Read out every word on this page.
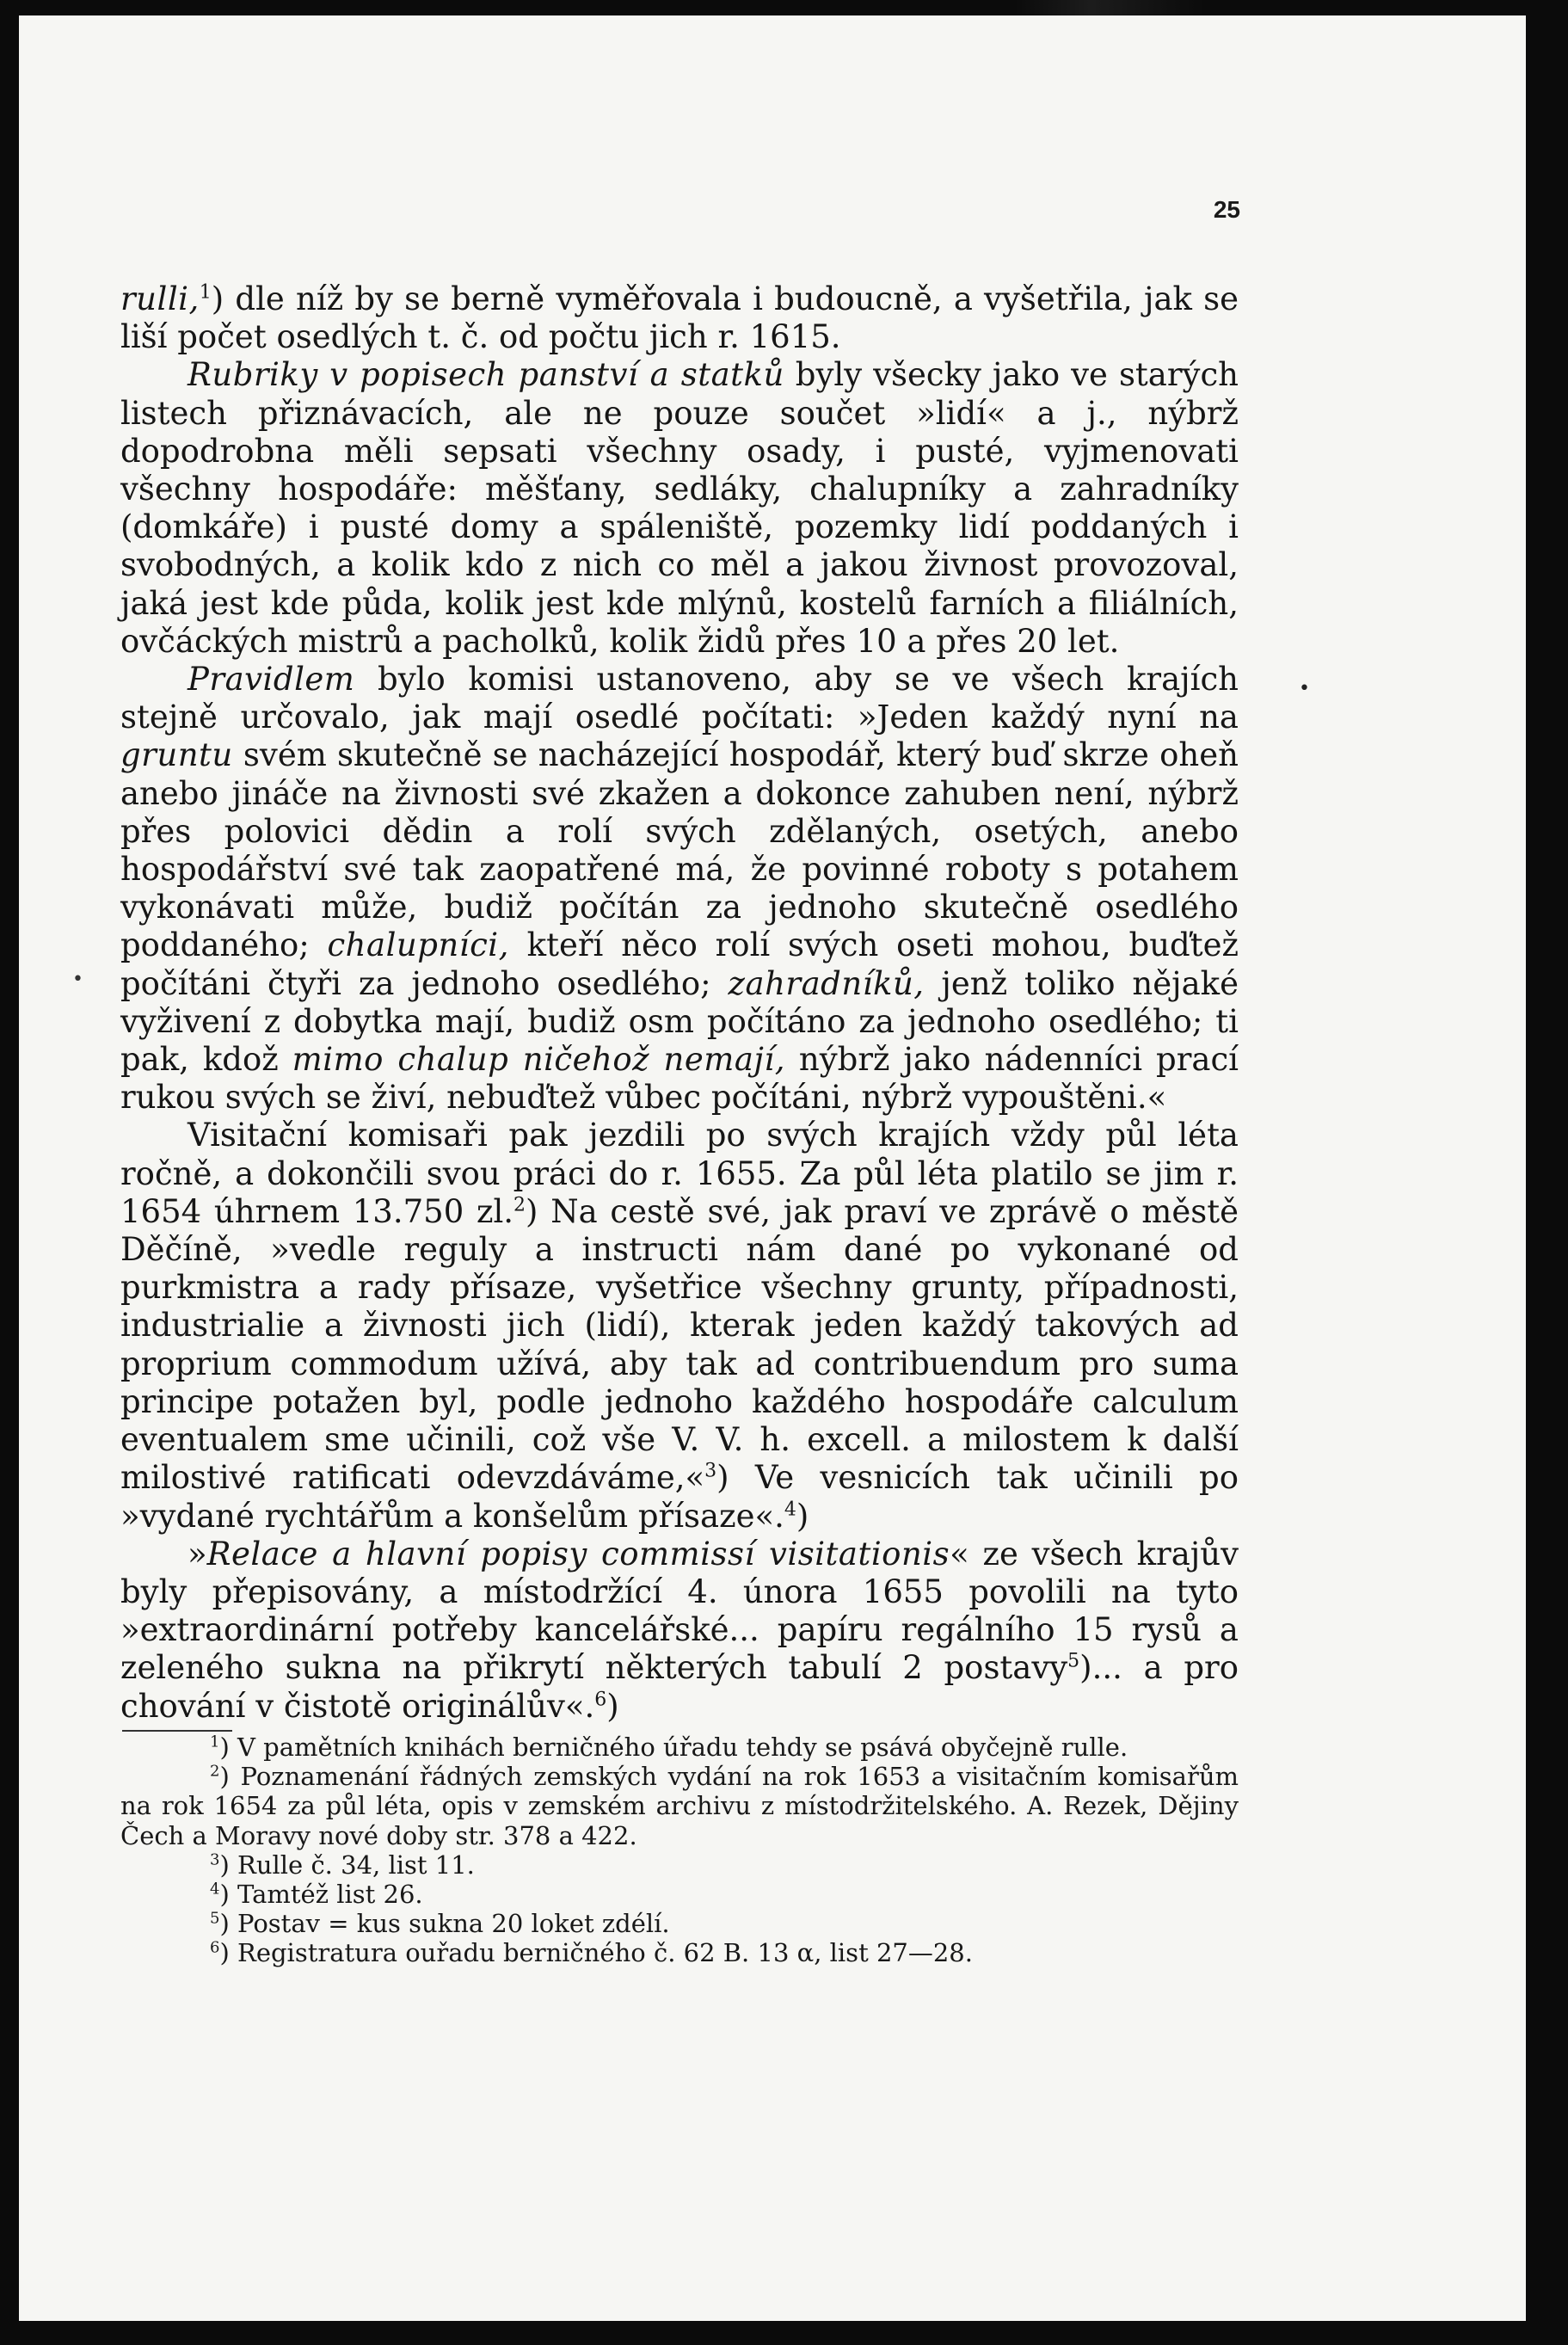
25

rulli,$^1$) dle níž by se berně vyměřovala i budoucně, a vyšetřila, jak se liší počet osedlých t. č. od počtu jich r. 1615.

Rubriky v popisech panství a statků byly všecky jako ve starých listech přiznávacích, ale ne pouze součet »lidí« a j., nýbrž dopodrobna měli sepsati všechny osady, i pusté, vyjmenovati všechny hospodáře: měšťany, sedláky, chalupníky a zahradníky (domkáře) i pusté domy a spáleniště, pozemky lidí poddaných i svobodných, a kolik kdo z nich co měl a jakou živnost provozoval, jaká jest kde půda, kolik jest kde mlýnů, kostelů farních a filiálních, ovčáckých mistrů a pacholků, kolik židů přes 10 a přes 20 let.

Pravidlem bylo komisi ustanoveno, aby se ve všech krajích stejně určovalo, jak mají osedlé počítati: »Jeden každý nyní na gruntu svém skutečně se nacházející hospodář, který buď skrze oheň anebo jináče na živnosti své zkažen a dokonce zahuben není, nýbrž přes polovici dědin a rolí svých zdělaných, osetých, anebo hospodářství své tak zaopatřené má, že povinné roboty s potahem vykonávati může, budiž počítán za jednoho skutečně osedlého poddaného; chalupníci, kteří něco rolí svých oseti mohou, buďtež počítáni čtyři za jednoho osedlého; zahradníků, jenž toliko nějaké vyživení z dobytka mají, budiž osm počítáno za jednoho osedlého; ti pak, kdož mimo chalup ničehož nemají, nýbrž jako nádenníci prací rukou svých se živí, nebuďtež vůbec počítáni, nýbrž vypouštěni.«

Visitační komisaři pak jezdili po svých krajích vždy půl léta ročně, a dokončili svou práci do r. 1655. Za půl léta platilo se jim r. 1654 úhrnem 13.750 zl.$^2$) Na cestě své, jak praví ve zprávě o městě Děčíně, »vedle reguly a instructi nám dané po vykonané od purkmistra a rady přísaze, vyšetřice všechny grunty, případnosti, industrialie a živnosti jich (lidí), kterak jeden každý takových ad proprium commodum užívá, aby tak ad contribuendum pro suma principe potažen byl, podle jednoho každého hospodáře calculum eventualem sme učinili, což vše V. V. h. excell. a milostem k další milostivé ratificati odevzdáváme,«$^3$) Ve vesnicích tak učinili po »vydané rychtářům a konšelům přísaze«.$^4$)

»Relace a hlavní popisy commissí visitationis« ze všech krajův byly přepisovány, a místodržící 4. února 1655 povolili na tyto »extraordinární potřeby kancelářské... papíru regálního 15 rysů a zeleného sukna na přikrytí některých tabulí 2 postavy$^5$)... a pro chování v čistotě originálův«.$^6$)

$^1$) V pamětních knihách berničného úřadu tehdy se psává obyčejně rulle.

$^2$) Poznamenání řádných zemských vydání na rok 1653 a visitačním komisařům na rok 1654 za půl léta, opis v zemském archivu z místodržitelského. A. Rezek, Dějiny Čech a Moravy nové doby str. 378 a 422.

$^3$) Rulle č. 34, list 11.

$^4$) Tamtéž list 26.

$^5$) Postav = kus sukna 20 loket zdélí.

$^6$) Registratura ouřadu berničného č. 62 B. 13 α, list 27—28.

•
•
